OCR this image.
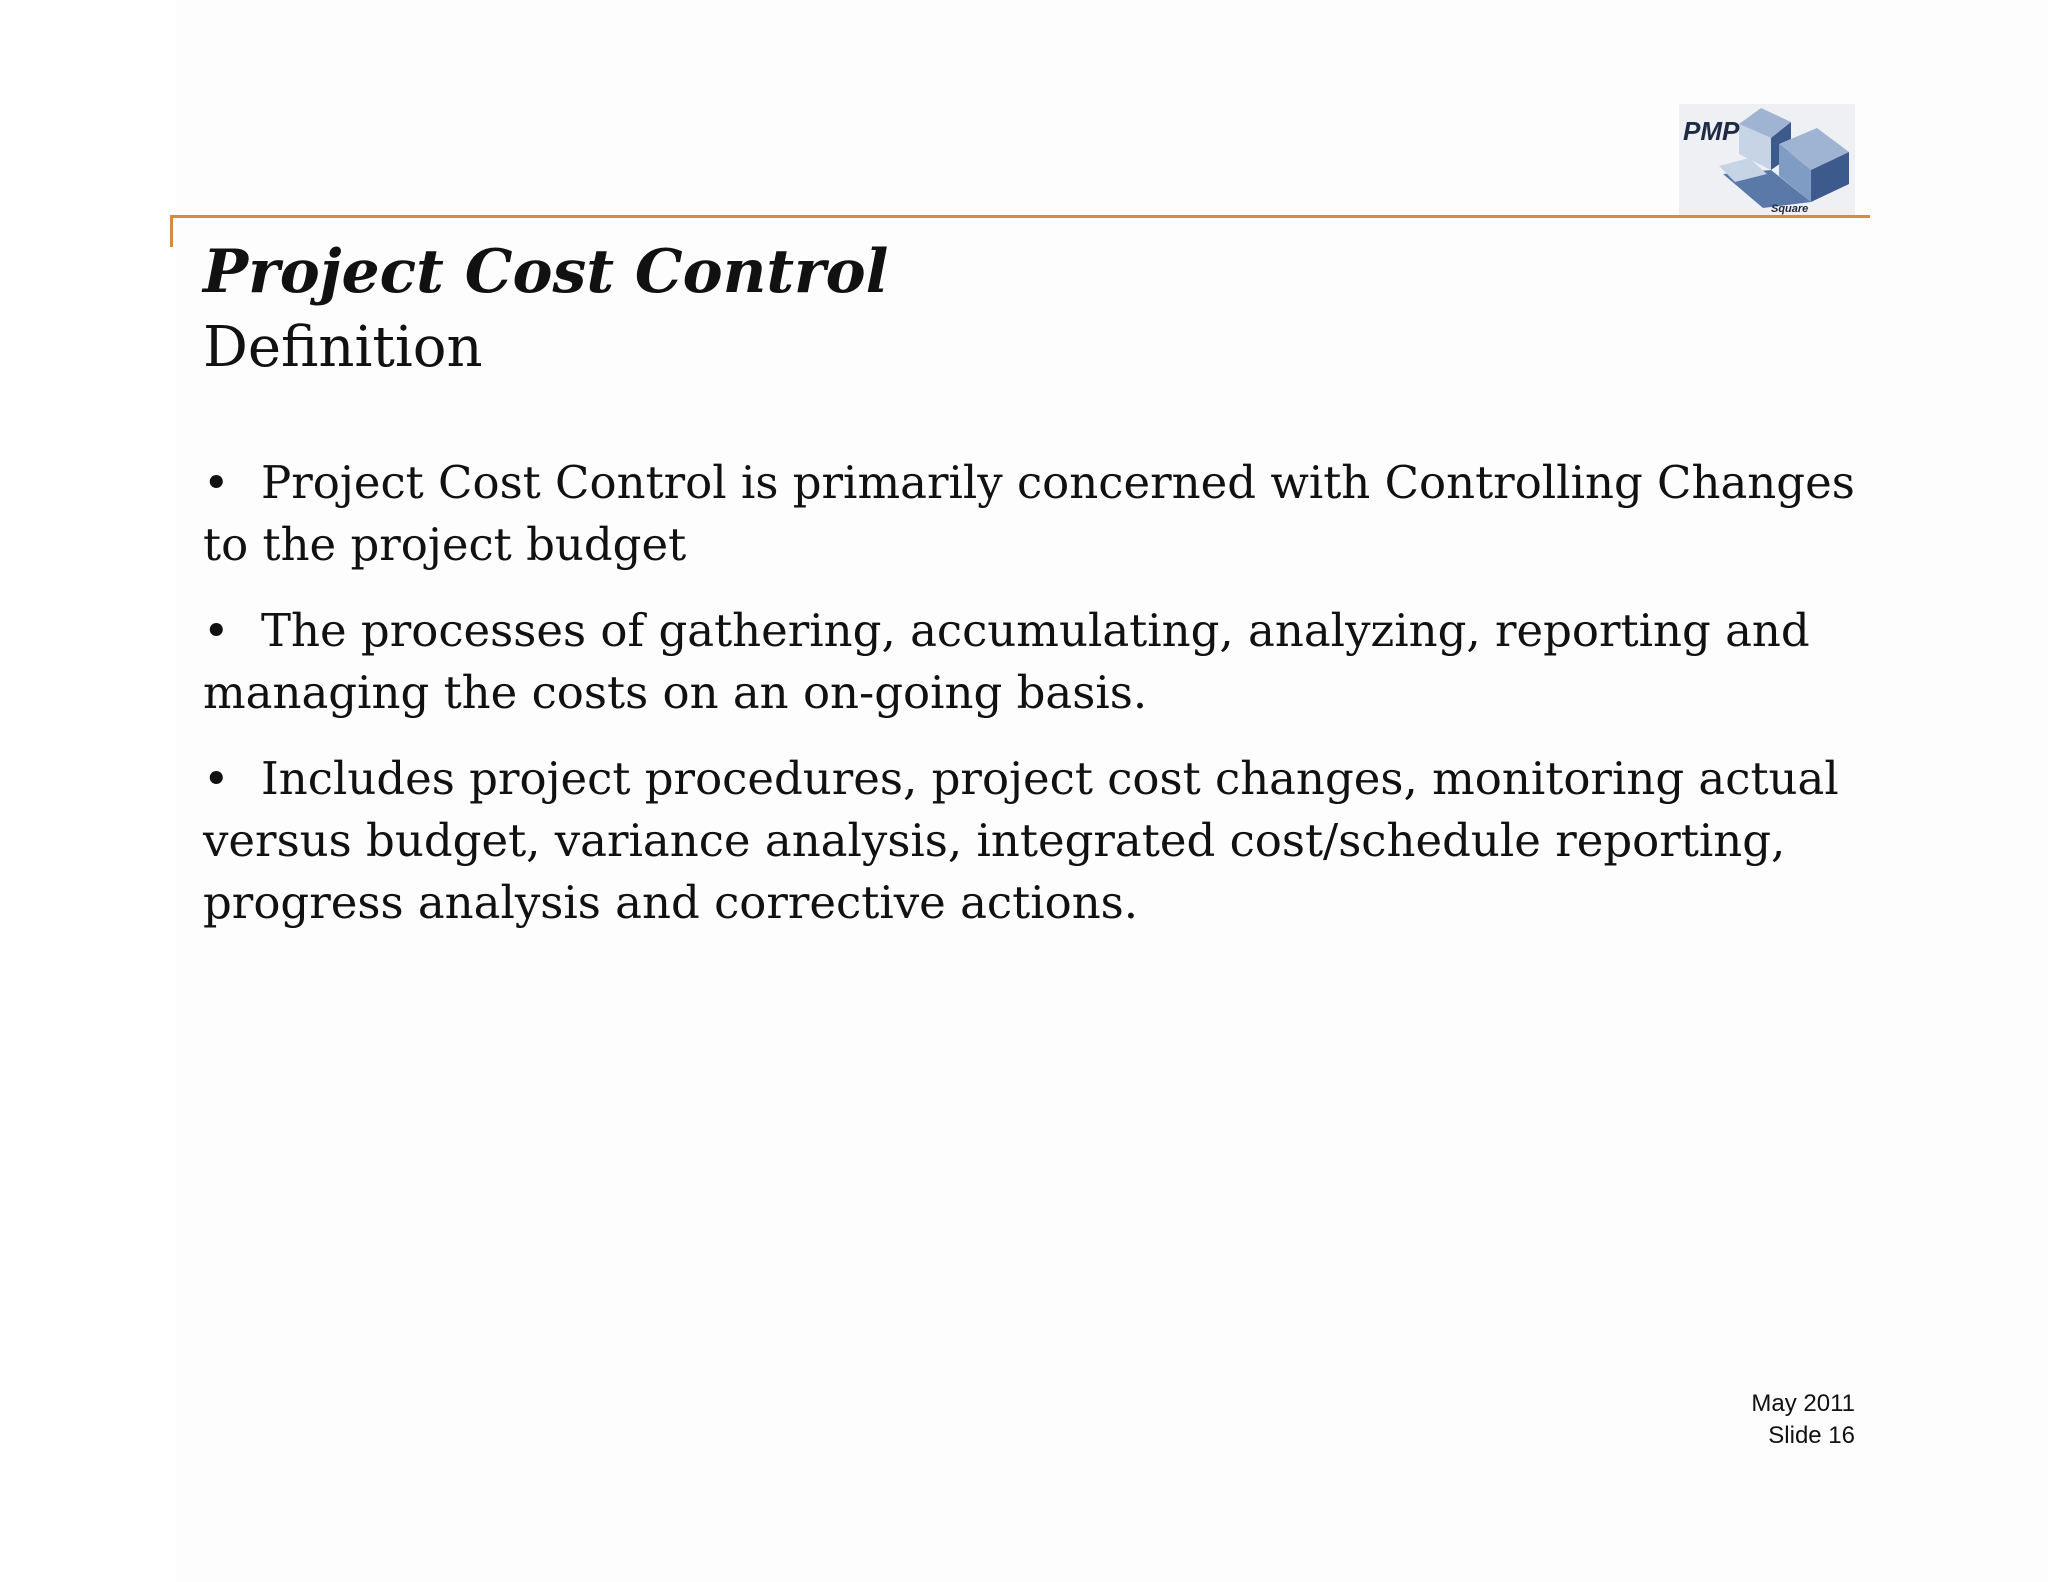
PMP
Square
Project Cost Control
Definition
• Project Cost Control is primarily concerned with Controlling Changes to the project budget
• The processes of gathering, accumulating, analyzing, reporting and managing the costs on an on-going basis.
• Includes project procedures, project cost changes, monitoring actual versus budget, variance analysis, integrated cost/schedule reporting, progress analysis and corrective actions.
May 2011
Slide 16
